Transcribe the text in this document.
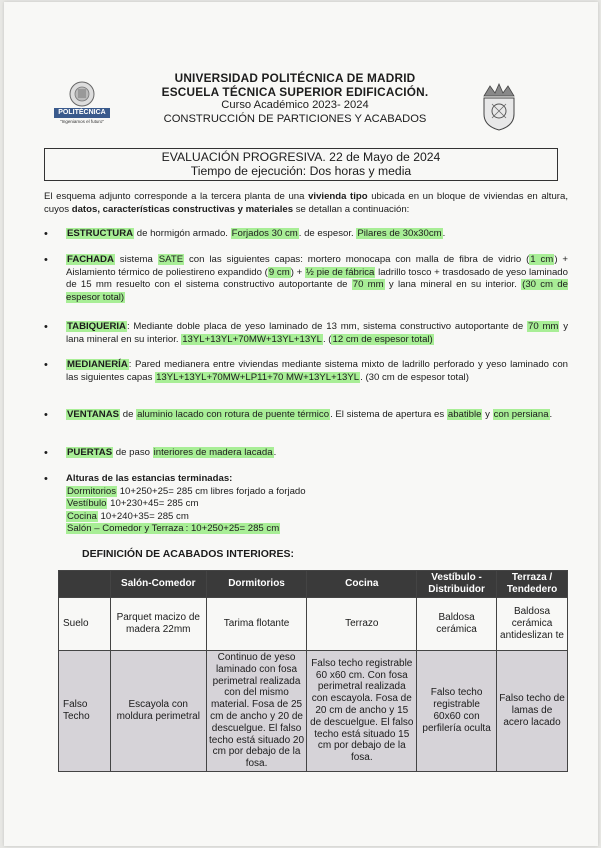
POLITÉCNICA
"Ingeniamos el futuro"
UNIVERSIDAD POLITÉCNICA DE MADRID
ESCUELA TÉCNICA SUPERIOR EDIFICACIÓN.
Curso Académico 2023- 2024
CONSTRUCCIÓN DE PARTICIONES Y ACABADOS
EVALUACIÓN PROGRESIVA. 22 de Mayo de 2024
Tiempo de ejecución: Dos horas y media
El esquema adjunto corresponde a la tercera planta de una vivienda tipo ubicada en un bloque de viviendas en altura, cuyos datos, características constructivas y materiales se detallan a continuación:
• ESTRUCTURA de hormigón armado. Forjados 30 cm. de espesor. Pilares de 30x30cm.
• FACHADA sistema SATE con las siguientes capas: mortero monocapa con malla de fibra de vidrio (1 cm) + Aislamiento térmico de poliestireno expandido (9 cm) + ½ pie de fábrica ladrillo tosco + trasdosado de yeso laminado de 15 mm resuelto con el sistema constructivo autoportante de 70 mm y lana mineral en su interior. (30 cm de espesor total)
• TABIQUERIA: Mediante doble placa de yeso laminado de 13 mm, sistema constructivo autoportante de 70 mm y lana mineral en su interior. 13YL+13YL+70MW+13YL+13YL. (12 cm de espesor total)
• MEDIANERÍA: Pared medianera entre viviendas mediante sistema mixto de ladrillo perforado y yeso laminado con las siguientes capas 13YL+13YL+70MW+LP11+70 MW+13YL+13YL. (30 cm de espesor total)
• VENTANAS de aluminio lacado con rotura de puente térmico. El sistema de apertura es abatible y con persiana.
• PUERTAS de paso interiores de madera lacada.
• Alturas de las estancias terminadas:
Dormitorios 10+250+25= 285 cm libres forjado a forjado
Vestíbulo 10+230+45= 285 cm
Cocina 10+240+35= 285 cm
Salón – Comedor y Terraza : 10+250+25= 285 cm
DEFINICIÓN DE ACABADOS INTERIORES:
	Salón-Comedor	Dormitorios	Cocina	Vestíbulo - Distribuidor	Terraza / Tendedero
Suelo	Parquet macizo de madera 22mm	Tarima flotante	Terrazo	Baldosa cerámica	Baldosa cerámica antideslizan te
Falso Techo	Escayola con moldura perimetral	Continuo de yeso laminado con fosa perimetral realizada con del mismo material. Fosa de 25 cm de ancho y 20 de descuelgue. El falso techo está situado 20 cm por debajo de la fosa.	Falso techo registrable 60 x60 cm. Con fosa perimetral realizada con escayola. Fosa de 20 cm de ancho y 15 de descuelgue. El falso techo está situado 15 cm por debajo de la fosa.	Falso techo registrable 60x60 con perfilería oculta	Falso techo de lamas de acero lacado
